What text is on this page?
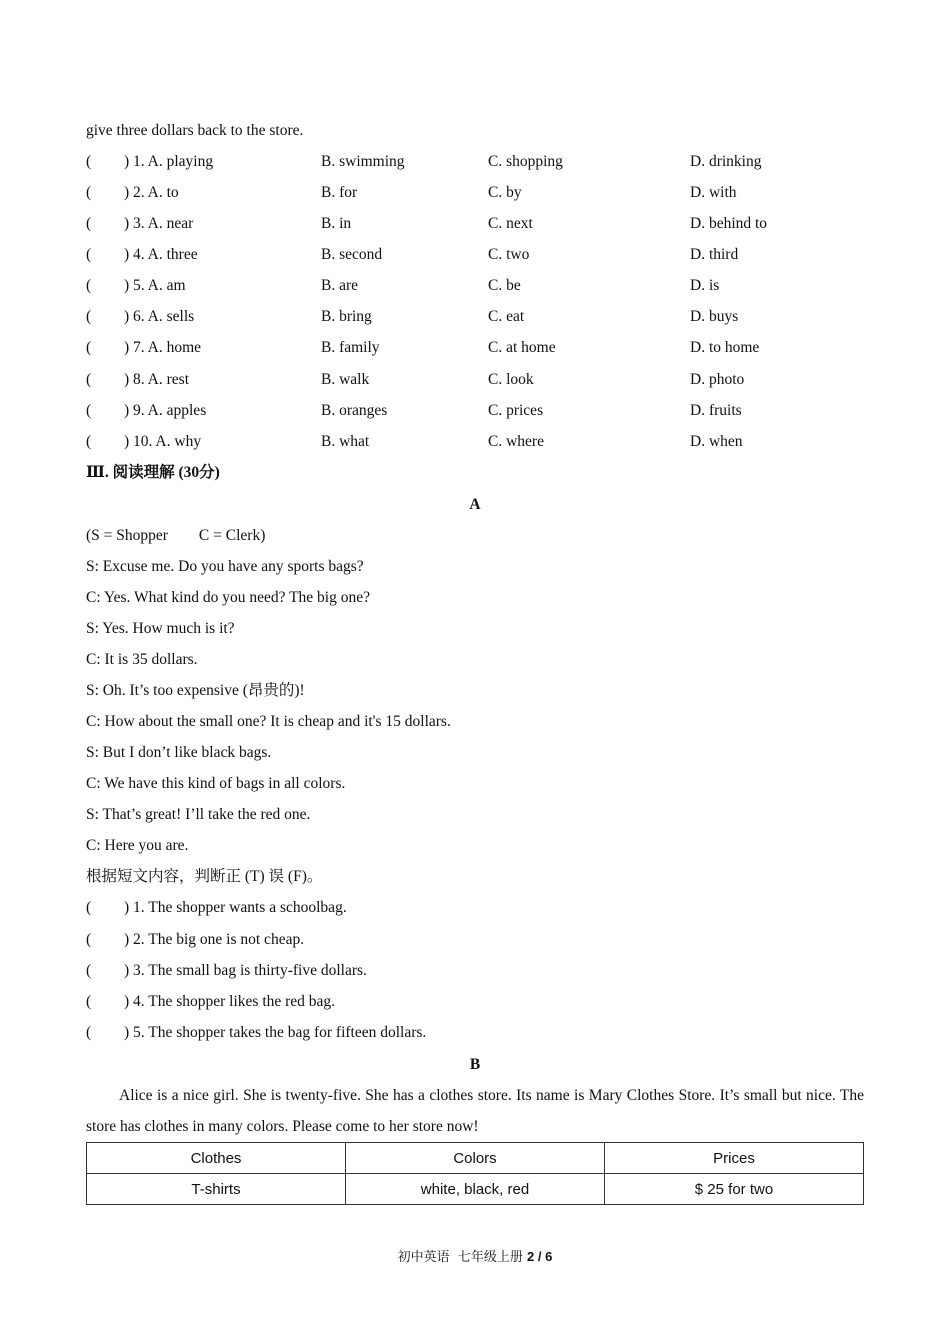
give three dollars back to the store.
( ) 1. A. playing	B. swimming	C. shopping	D. drinking
( ) 2. A. to	B. for	C. by	D. with
( ) 3. A. near	B. in	C. next	D. behind to
( ) 4. A. three	B. second	C. two	D. third
( ) 5. A. am	B. are	C. be	D. is
( ) 6. A. sells	B. bring	C. eat	D. buys
( ) 7. A. home	B. family	C. at home	D. to home
( ) 8. A. rest	B. walk	C. look	D. photo
( ) 9. A. apples	B. oranges	C. prices	D. fruits
( ) 10. A. why	B. what	C. where	D. when
Ⅲ. 阅读理解 (30分)
A
(S = Shopper        C = Clerk)
S: Excuse me. Do you have any sports bags?
C: Yes. What kind do you need? The big one?
S: Yes. How much is it?
C: It is 35 dollars.
S: Oh. It’s too expensive (昂贵的)!
C: How about the small one? It is cheap and it's 15 dollars.
S: But I don’t like black bags.
C: We have this kind of bags in all colors.
S: That’s great! I’ll take the red one.
C: Here you are.
根据短文内容，判断正 (T) 误 (F)。
( ) 1. The shopper wants a schoolbag.
( ) 2. The big one is not cheap.
( ) 3. The small bag is thirty-five dollars.
( ) 4. The shopper likes the red bag.
( ) 5. The shopper takes the bag for fifteen dollars.
B
Alice is a nice girl. She is twenty-five. She has a clothes store. Its name is Mary Clothes Store. It’s small but nice. The store has clothes in many colors. Please come to her store now!
Clothes	Colors	Prices
T-shirts	white, black, red	$ 25 for two
初中英语  七年级上册 2 / 6
